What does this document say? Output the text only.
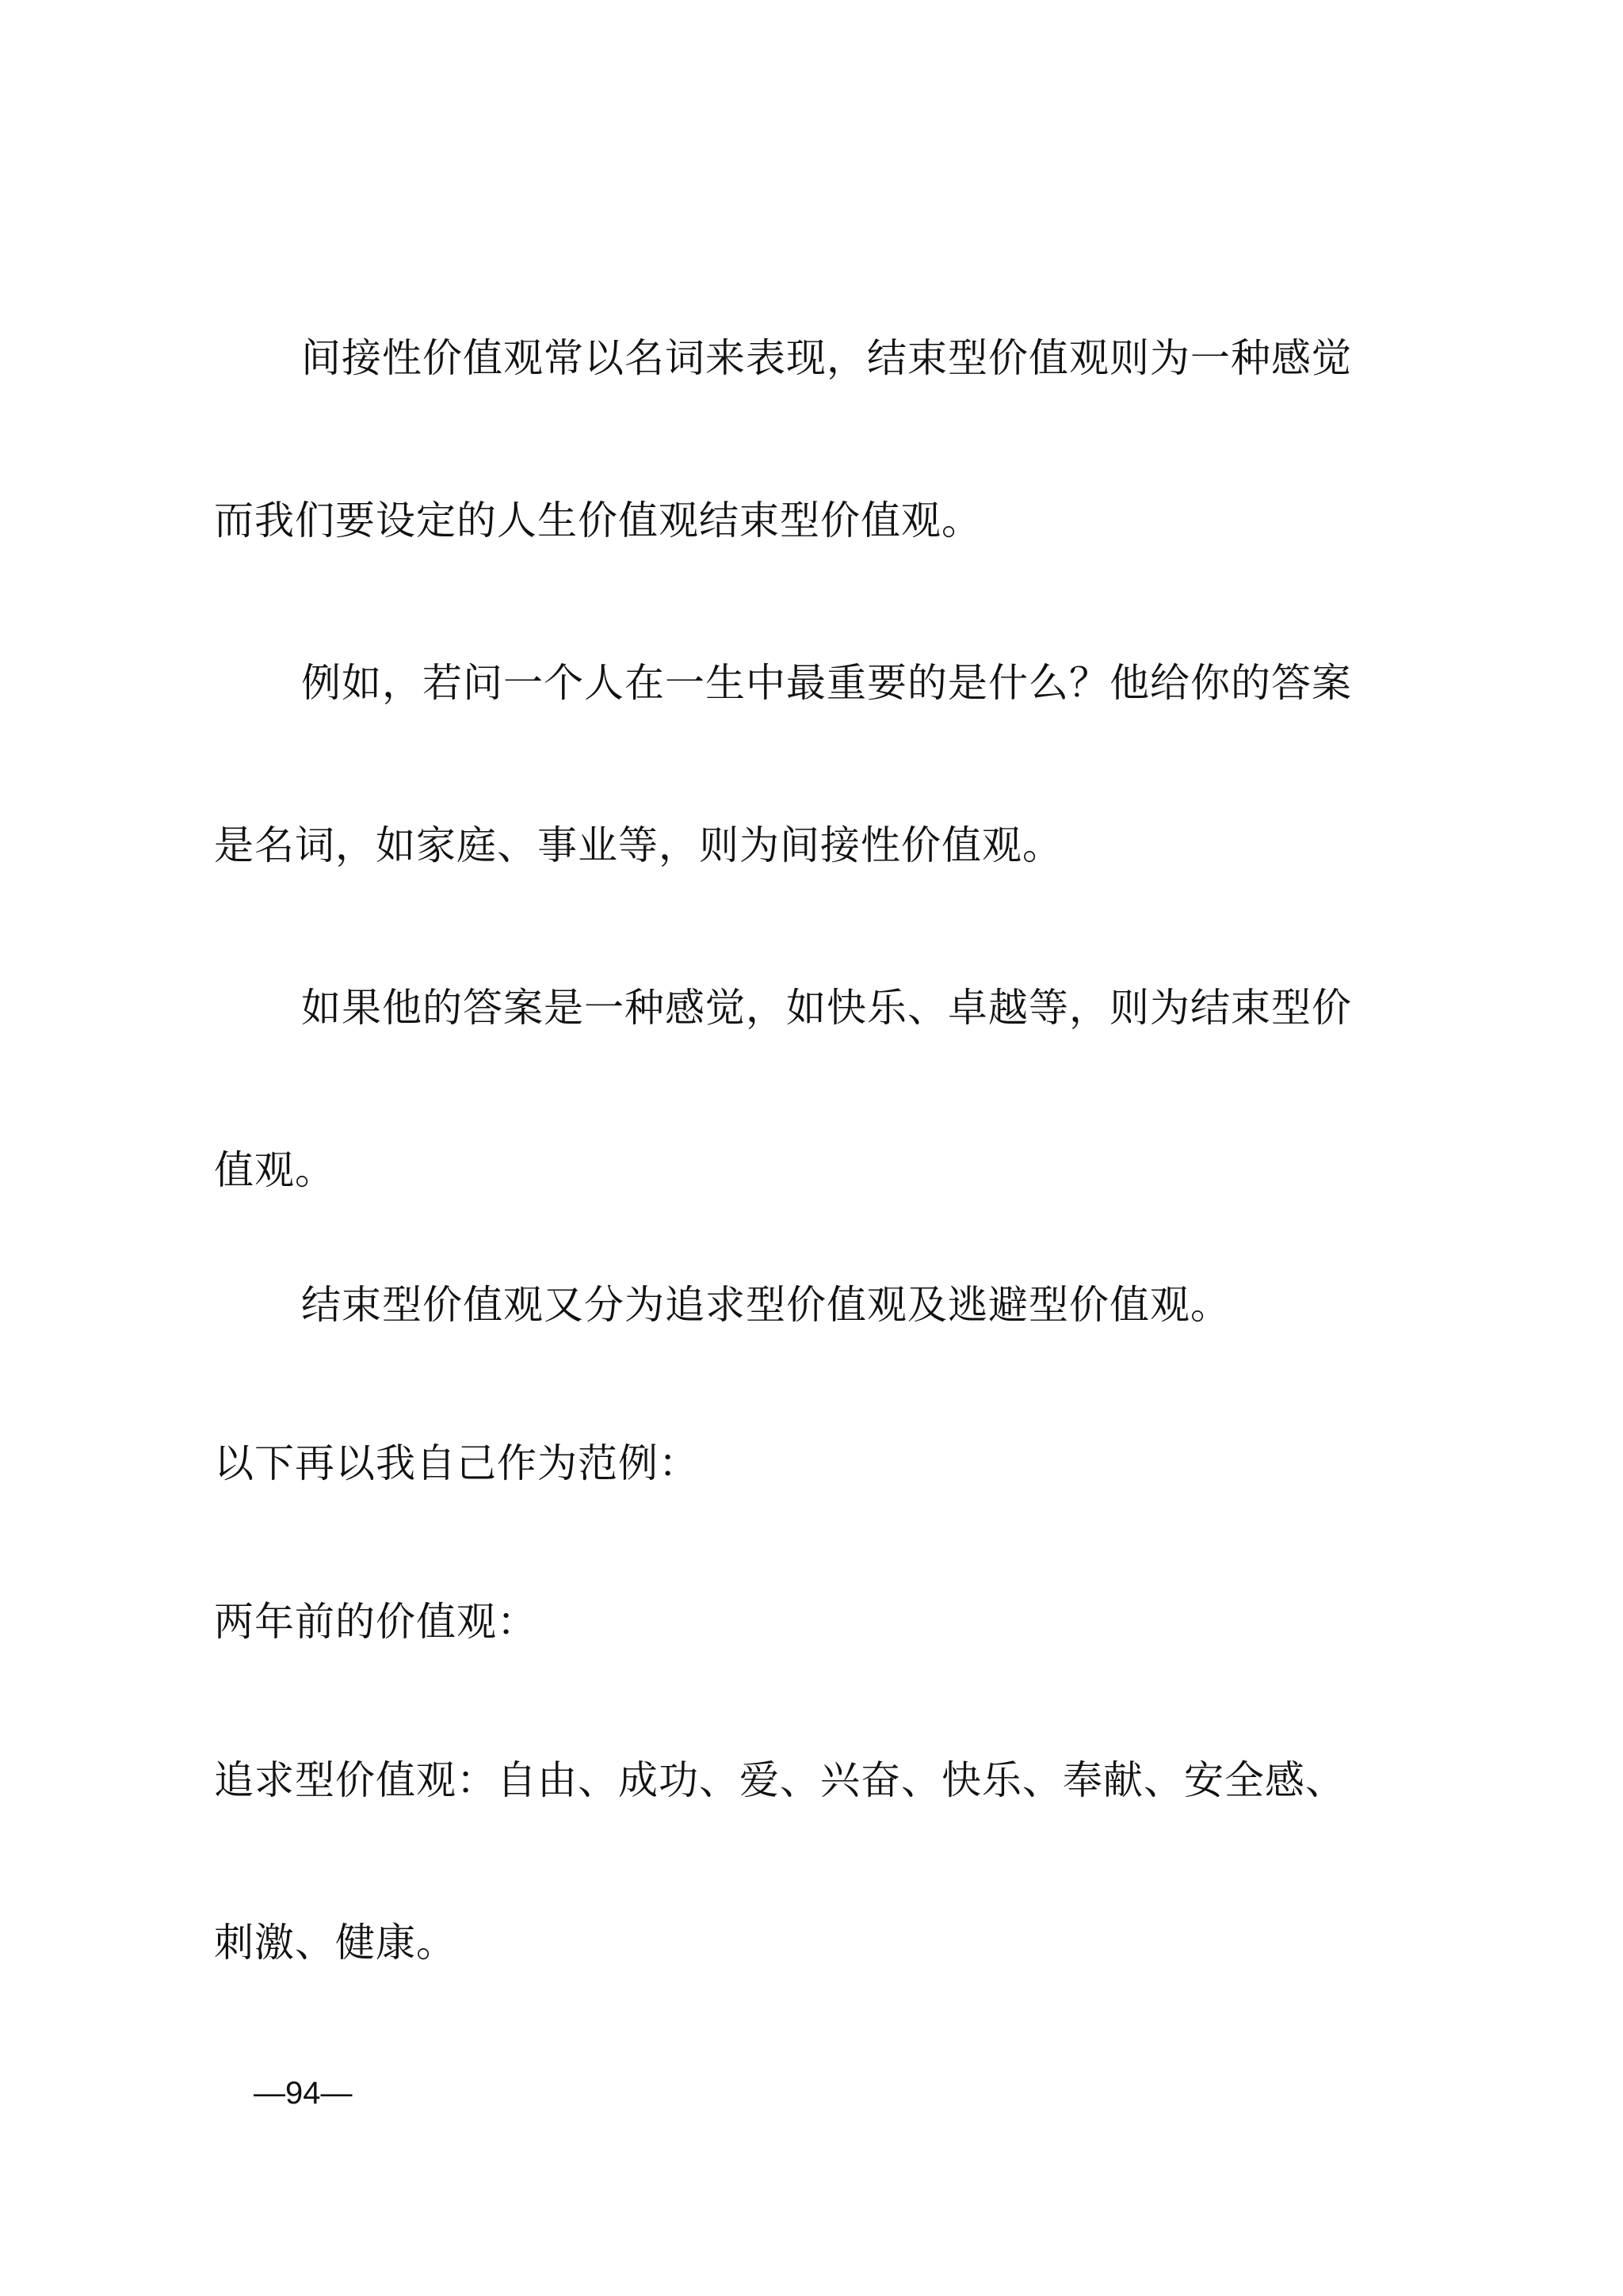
间接性价值观常以名词来表现，结束型价值观则为一种感觉
而我们要设定的人生价值观结束型价值观。
例如，若问一个人在一生中最重要的是什么？他给你的答案
是名词，如家庭、事业等，则为间接性价值观。
如果他的答案是一种感觉，如快乐、卓越等，则为结束型价
值观。
结束型价值观又分为追求型价值观及逃避型价值观。
以下再以我自己作为范例：
两年前的价值观：
追求型价值观：自由、成功、爱、兴奋、快乐、奉献、安全感、
刺激、健康。
—94—
